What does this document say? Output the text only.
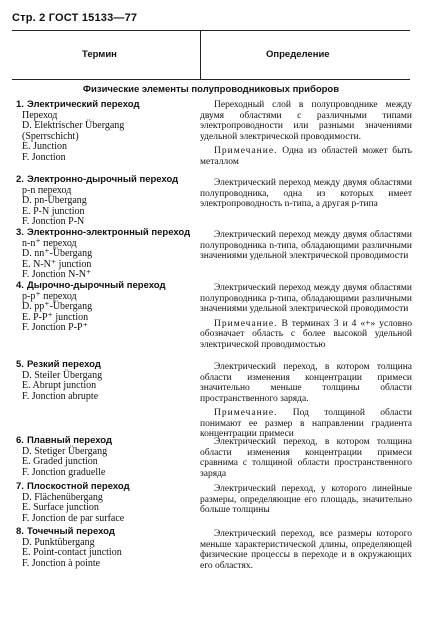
Стр. 2 ГОСТ 15133—77
Термин	Определение
Физические элементы полупроводниковых приборов
1. Электрический переход
Переход
D. Elektrischer Übergang
(Sperrschicht)
E. Junction
F. Jonction
2. Электронно-дырочный переход
p-n переход
D. pn-Übergang
E. P-N junction
F. Jonction P-N
3. Электронно-электронный переход
n-n⁺ переход
D. nn⁺-Übergang
E. N-N⁺ junction
F. Jonction N-N⁺
4. Дырочно-дырочный переход
p-p⁺ переход
D. pp⁺-Übergang
E. P-P⁺ junction
F. Jonction P-P⁺
5. Резкий переход
D. Steiler Übergang
E. Abrupt junction
F. Jonction abrupte
6. Плавный переход
D. Stetiger Übergang
E. Graded junction
F. Jonction graduelle
7. Плоскостной переход
D. Flächenübergang
E. Surface junction
F. Jonction de par surface
8. Точечный переход
D. Punktübergang
E. Point-contact junction
F. Jonction à pointe

Переходный слой в полупроводнике между двумя областями с различными типами электропроводности или разными значениями удельной электрической проводимости.

Примечание. Одна из областей может быть металлом

Электрический переход между двумя областями полупроводника, одна из которых имеет электропроводность n-типа, а другая p-типа

Электрический переход между двумя областями полупроводника n-типа, обладающими различными значениями удельной электрической проводимости

Электрический переход между двумя областями полупроводника p-типа, обладающими различными значениями удельной электрической проводимости

Примечание. В терминах 3 и 4 «+» условно обозначает область с более высокой удельной электрической проводимостью

Электрический переход, в котором толщина области изменения концентрации примеси значительно меньше толщины области пространственного заряда.

Примечание. Под толщиной области понимают ее размер в направлении градиента концентрации примеси

Электрический переход, в котором толщина области изменения концентрации примеси сравнима с толщиной области пространственного заряда

Электрический переход, у которого линейные размеры, определяющие его площадь, значительно больше толщины

Электрический переход, все размеры которого меньше характеристической длины, определяющей физические процессы в переходе и в окружающих его областях.
